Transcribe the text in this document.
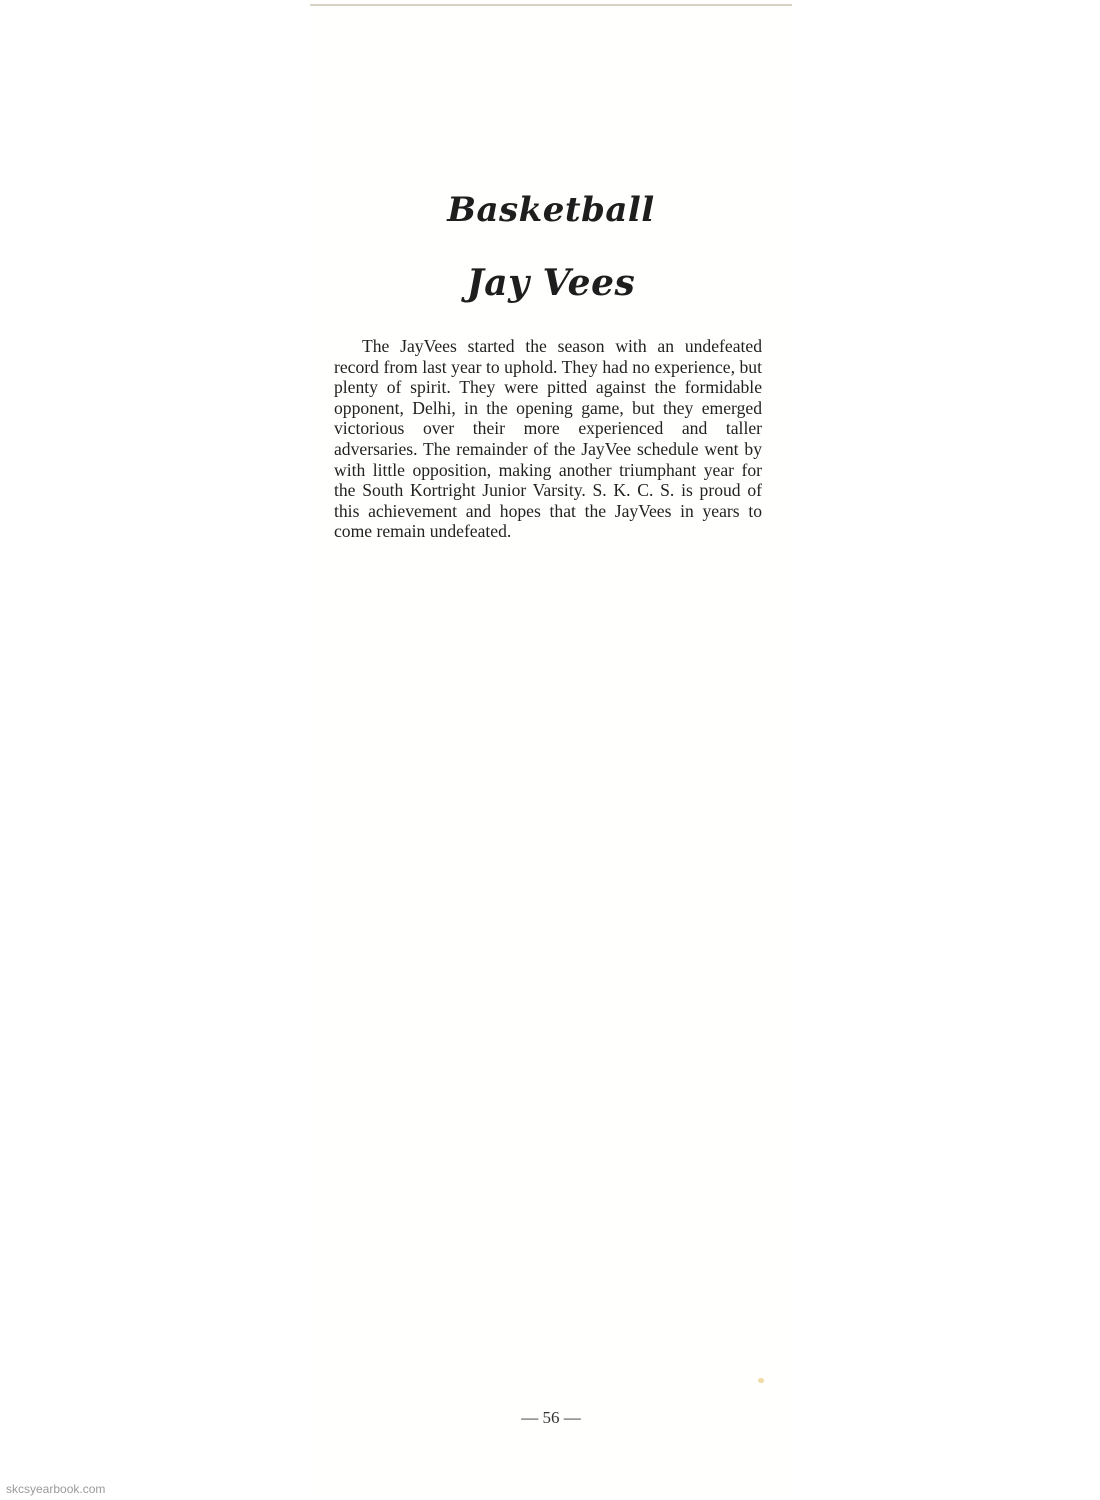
Basketball
Jay Vees

The JayVees started the season with an undefeated record from last year to uphold. They had no experience, but plenty of spirit. They were pitted against the formidable opponent, Delhi, in the opening game, but they emerged victorious over their more experienced and taller adversaries. The remainder of the JayVee schedule went by with little opposition, making another triumphant year for the South Kortright Junior Varsity. S. K. C. S. is proud of this achievement and hopes that the JayVees in years to come remain undefeated.

— 56 —

skcsyearbook.com
